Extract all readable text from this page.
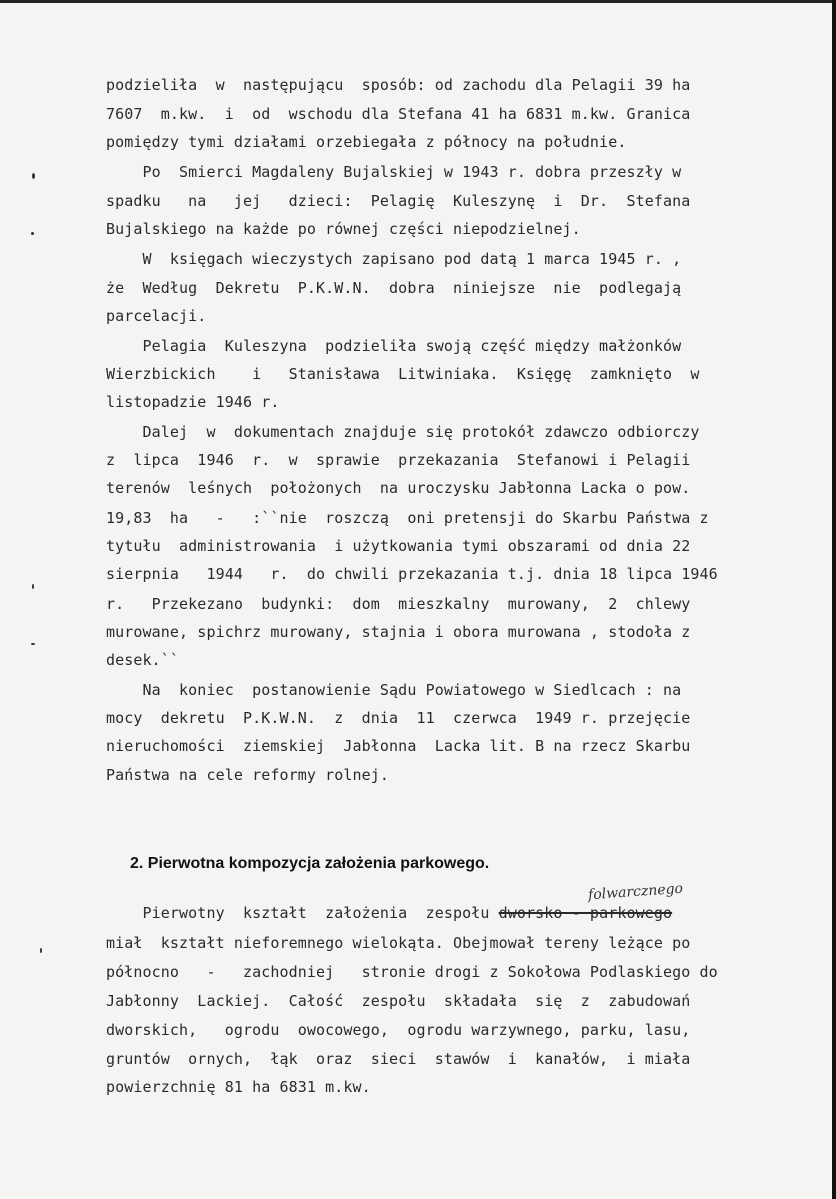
podzieliła  w  następującu  sposób: od zachodu dla Pelagii 39 ha
7607  m.kw.  i  od  wschodu dla Stefana 41 ha 6831 m.kw. Granica
pomiędzy tymi działami orzebiegała z północy na południe.
Po  Smierci Magdaleny Bujalskiej w 1943 r. dobra przeszły w
spadku   na   jej   dzieci:  Pelagię  Kuleszynę  i  Dr.  Stefana
Bujalskiego na każde po równej części niepodzielnej.
W  księgach wieczystych zapisano pod datą 1 marca 1945 r. ,
że  Według  Dekretu  P.K.W.N.  dobra  niniejsze  nie  podlegają
parcelacji.
Pelagia  Kuleszyna  podzieliła swoją część między małżonków
Wierzbickich    i   Stanisława  Litwiniaka.  Księgę  zamknięto  w
listopadzie 1946 r.
Dalej  w  dokumentach znajduje się protokół zdawczo odbiorczy
z  lipca  1946  r.  w  sprawie  przekazania  Stefanowi i Pelagii
terenów  leśnych  położonych  na uroczysku Jabłonna Lacka o pow.
19,83  ha   -   :``nie  roszczą  oni pretensji do Skarbu Państwa z
tytułu  administrowania  i użytkowania tymi obszarami od dnia 22
sierpnia   1944   r.  do chwili przekazania t.j. dnia 18 lipca 1946
r.   Przekezano  budynki:  dom  mieszkalny  murowany,  2  chlewy
murowane, spichrz murowany, stajnia i obora murowana , stodoła z
desek.``
Na  koniec  postanowienie Sądu Powiatowego w Siedlcach : na
mocy  dekretu  P.K.W.N.  z  dnia  11  czerwca  1949 r. przejęcie
nieruchomości  ziemskiej  Jabłonna  Lacka lit. B na rzecz Skarbu
Państwa na cele reformy rolnej.
2. Pierwotna kompozycja założenia parkowego.
folwarcznego
Pierwotny  kształt  założenia  zespołu dworsko - parkowego
miał  kształt nieforemnego wielokąta. Obejmował tereny leżące po
północno   -   zachodniej   stronie drogi z Sokołowa Podlaskiego do
Jabłonny  Lackiej.  Całość  zespołu  składała  się  z  zabudowań
dworskich,   ogrodu  owocowego,  ogrodu warzywnego, parku, lasu,
gruntów  ornych,  łąk  oraz  sieci  stawów  i  kanałów,  i miała
powierzchnię 81 ha 6831 m.kw.
